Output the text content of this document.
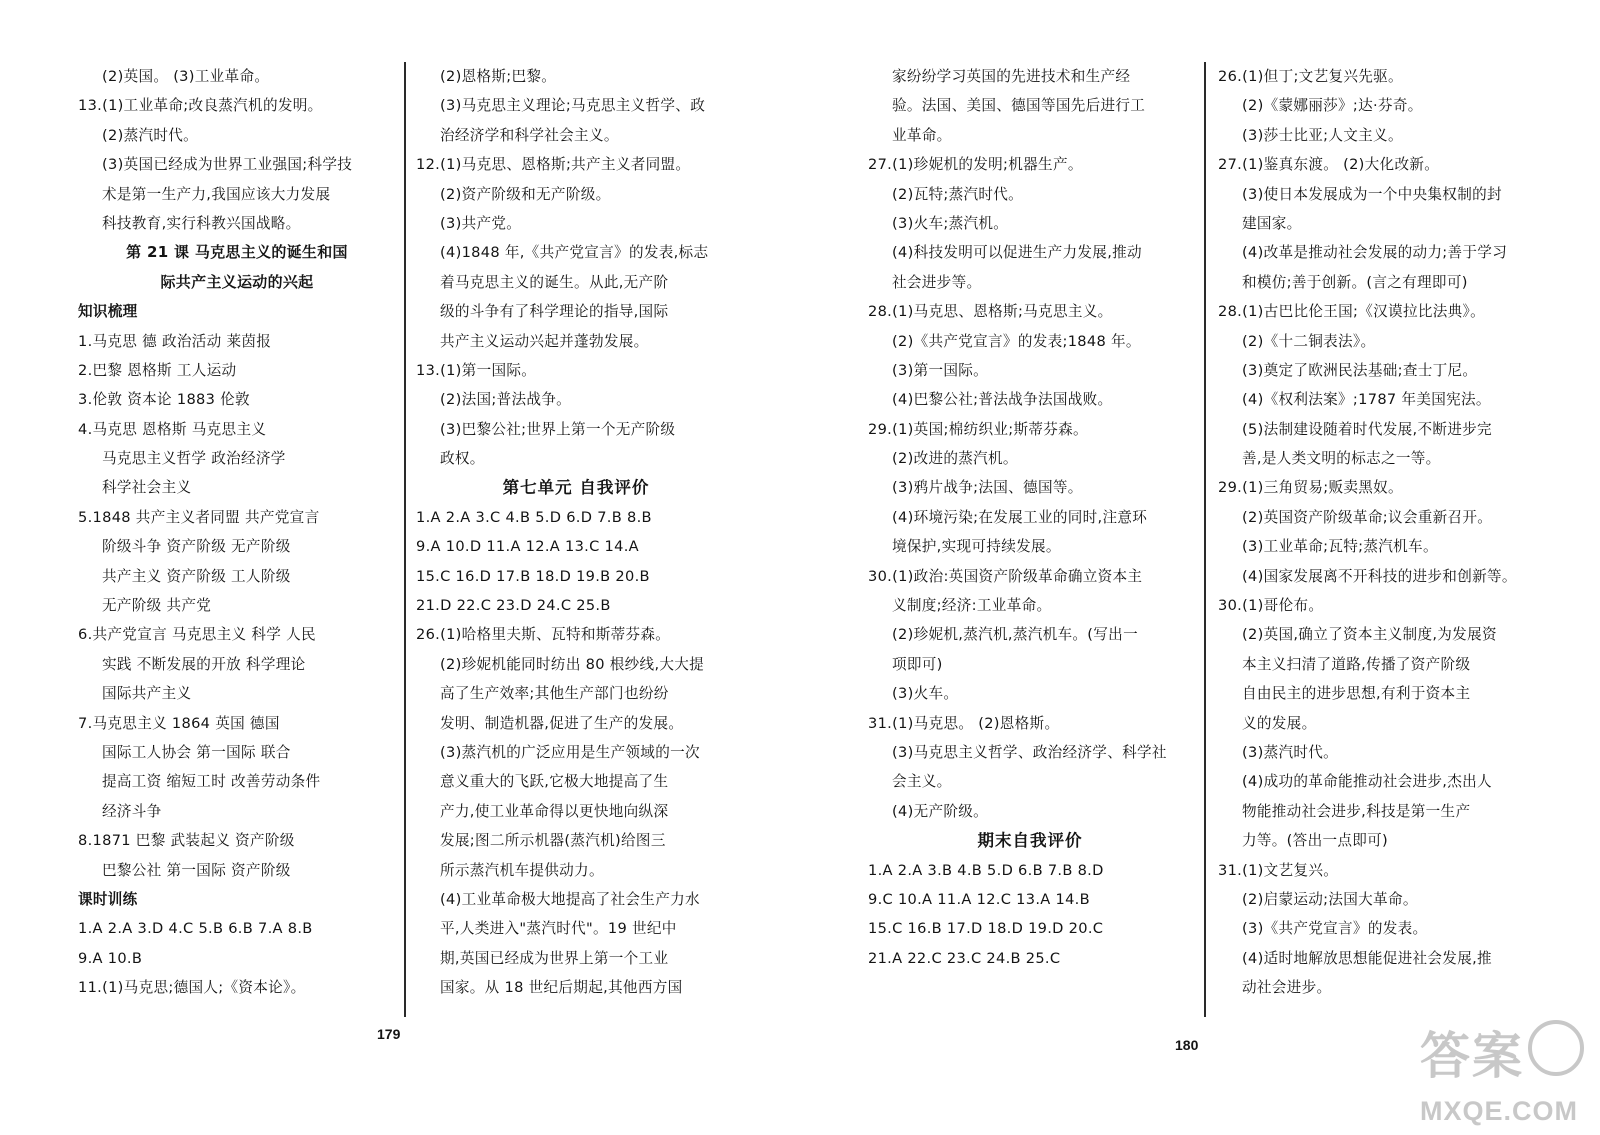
(2)英国。 (3)工业革命。
13.(1)工业革命;改良蒸汽机的发明。
(2)蒸汽时代。
(3)英国已经成为世界工业强国;科学技
术是第一生产力,我国应该大力发展
科技教育,实行科教兴国战略。
第 21 课 马克思主义的诞生和国
际共产主义运动的兴起
知识梳理
1.马克思 德 政治活动 莱茵报
2.巴黎 恩格斯 工人运动
3.伦敦 资本论 1883 伦敦
4.马克思 恩格斯 马克思主义
马克思主义哲学 政治经济学
科学社会主义
5.1848 共产主义者同盟 共产党宣言
阶级斗争 资产阶级 无产阶级
共产主义 资产阶级 工人阶级
无产阶级 共产党
6.共产党宣言 马克思主义 科学 人民
实践 不断发展的开放 科学理论
国际共产主义
7.马克思主义 1864 英国 德国
国际工人协会 第一国际 联合
提高工资 缩短工时 改善劳动条件
经济斗争
8.1871 巴黎 武装起义 资产阶级
巴黎公社 第一国际 资产阶级
课时训练
1.A 2.A 3.D 4.C 5.B 6.B 7.A 8.B
9.A 10.B
11.(1)马克思;德国人;《资本论》。
(2)恩格斯;巴黎。
(3)马克思主义理论;马克思主义哲学、政
治经济学和科学社会主义。
12.(1)马克思、恩格斯;共产主义者同盟。
(2)资产阶级和无产阶级。
(3)共产党。
(4)1848 年,《共产党宣言》的发表,标志
着马克思主义的诞生。从此,无产阶
级的斗争有了科学理论的指导,国际
共产主义运动兴起并蓬勃发展。
13.(1)第一国际。
(2)法国;普法战争。
(3)巴黎公社;世界上第一个无产阶级
政权。
第七单元 自我评价
1.A 2.A 3.C 4.B 5.D 6.D 7.B 8.B
9.A 10.D 11.A 12.A 13.C 14.A
15.C 16.D 17.B 18.D 19.B 20.B
21.D 22.C 23.D 24.C 25.B
26.(1)哈格里夫斯、瓦特和斯蒂芬森。
(2)珍妮机能同时纺出 80 根纱线,大大提
高了生产效率;其他生产部门也纷纷
发明、制造机器,促进了生产的发展。
(3)蒸汽机的广泛应用是生产领域的一次
意义重大的飞跃,它极大地提高了生
产力,使工业革命得以更快地向纵深
发展;图二所示机器(蒸汽机)给图三
所示蒸汽机车提供动力。
(4)工业革命极大地提高了社会生产力水
平,人类进入"蒸汽时代"。19 世纪中
期,英国已经成为世界上第一个工业
国家。从 18 世纪后期起,其他西方国
179
家纷纷学习英国的先进技术和生产经
验。法国、美国、德国等国先后进行工
业革命。
27.(1)珍妮机的发明;机器生产。
(2)瓦特;蒸汽时代。
(3)火车;蒸汽机。
(4)科技发明可以促进生产力发展,推动
社会进步等。
28.(1)马克思、恩格斯;马克思主义。
(2)《共产党宣言》的发表;1848 年。
(3)第一国际。
(4)巴黎公社;普法战争法国战败。
29.(1)英国;棉纺织业;斯蒂芬森。
(2)改进的蒸汽机。
(3)鸦片战争;法国、德国等。
(4)环境污染;在发展工业的同时,注意环
境保护,实现可持续发展。
30.(1)政治:英国资产阶级革命确立资本主
义制度;经济:工业革命。
(2)珍妮机,蒸汽机,蒸汽机车。(写出一
项即可)
(3)火车。
31.(1)马克思。 (2)恩格斯。
(3)马克思主义哲学、政治经济学、科学社
会主义。
(4)无产阶级。
期末自我评价
1.A 2.A 3.B 4.B 5.D 6.B 7.B 8.D
9.C 10.A 11.A 12.C 13.A 14.B
15.C 16.B 17.D 18.D 19.D 20.C
21.A 22.C 23.C 24.B 25.C
26.(1)但丁;文艺复兴先驱。
(2)《蒙娜丽莎》;达·芬奇。
(3)莎士比亚;人文主义。
27.(1)鉴真东渡。 (2)大化改新。
(3)使日本发展成为一个中央集权制的封
建国家。
(4)改革是推动社会发展的动力;善于学习
和模仿;善于创新。(言之有理即可)
28.(1)古巴比伦王国;《汉谟拉比法典》。
(2)《十二铜表法》。
(3)奠定了欧洲民法基础;查士丁尼。
(4)《权利法案》;1787 年美国宪法。
(5)法制建设随着时代发展,不断进步完
善,是人类文明的标志之一等。
29.(1)三角贸易;贩卖黑奴。
(2)英国资产阶级革命;议会重新召开。
(3)工业革命;瓦特;蒸汽机车。
(4)国家发展离不开科技的进步和创新等。
30.(1)哥伦布。
(2)英国,确立了资本主义制度,为发展资
本主义扫清了道路,传播了资产阶级
自由民主的进步思想,有利于资本主
义的发展。
(3)蒸汽时代。
(4)成功的革命能推动社会进步,杰出人
物能推动社会进步,科技是第一生产
力等。(答出一点即可)
31.(1)文艺复兴。
(2)启蒙运动;法国大革命。
(3)《共产党宣言》的发表。
(4)适时地解放思想能促进社会发展,推
动社会进步。
180	答案
MXQE.COM
